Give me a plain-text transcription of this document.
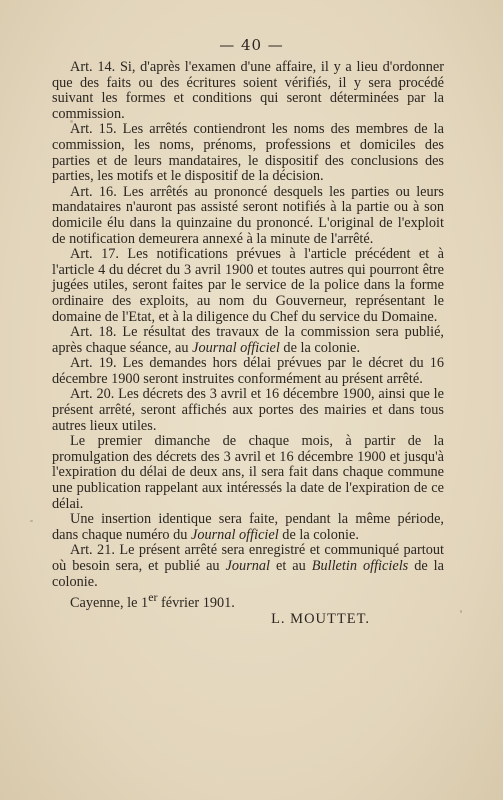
— 40 —

Art. 14. Si, d'après l'examen d'une affaire, il y a lieu d'ordonner que des faits ou des écritures soient vérifiés, il y sera procédé suivant les formes et conditions qui seront déterminées par la commission.

Art. 15. Les arrêtés contiendront les noms des membres de la commission, les noms, prénoms, professions et domiciles des parties et de leurs mandataires, le dispositif des conclusions des parties, les motifs et le dispositif de la décision.

Art. 16. Les arrêtés au prononcé desquels les parties ou leurs mandataires n'auront pas assisté seront notifiés à la partie ou à son domicile élu dans la quinzaine du prononcé. L'original de l'exploit de notification demeurera annexé à la minute de l'arrêté.

Art. 17. Les notifications prévues à l'article précédent et à l'article 4 du décret du 3 avril 1900 et toutes autres qui pourront être jugées utiles, seront faites par le service de la police dans la forme ordinaire des exploits, au nom du Gouverneur, représentant le domaine de l'Etat, et à la diligence du Chef du service du Domaine.

Art. 18. Le résultat des travaux de la commission sera publié, après chaque séance, au Journal officiel de la colonie.

Art. 19. Les demandes hors délai prévues par le décret du 16 décembre 1900 seront instruites conformément au présent arrêté.

Art. 20. Les décrets des 3 avril et 16 décembre 1900, ainsi que le présent arrêté, seront affichés aux portes des mairies et dans tous autres lieux utiles.

Le premier dimanche de chaque mois, à partir de la promulgation des décrets des 3 avril et 16 décembre 1900 et jusqu'à l'expiration du délai de deux ans, il sera fait dans chaque commune une publication rappelant aux intéressés la date de l'expiration de ce délai.

Une insertion identique sera faite, pendant la même période, dans chaque numéro du Journal officiel de la colonie.

Art. 21. Le présent arrêté sera enregistré et communiqué partout où besoin sera, et publié au Journal et au Bulletin officiels de la colonie.

Cayenne, le 1er février 1901.

L. MOUTTET.
